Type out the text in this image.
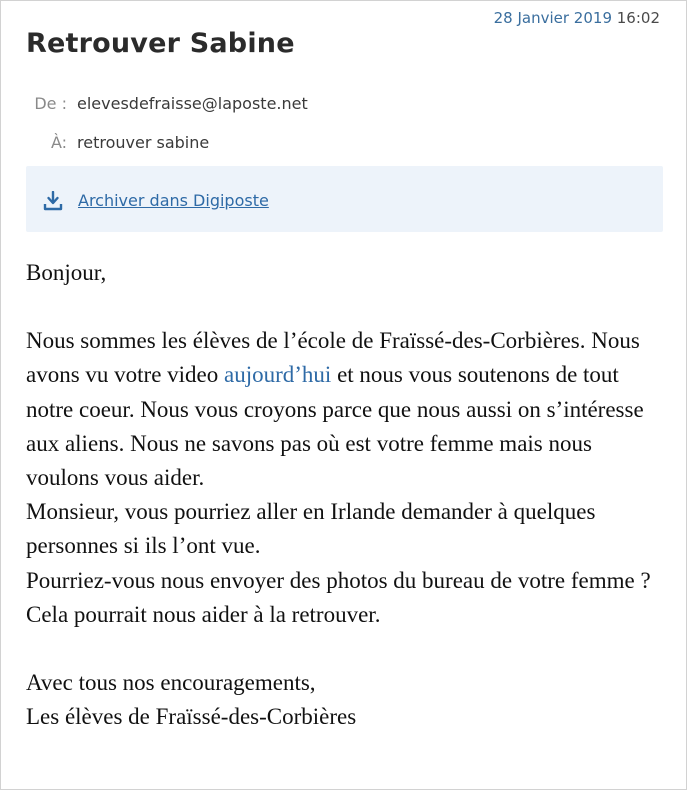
28 Janvier 2019 16:02
Retrouver Sabine
De : elevesdefraisse@laposte.net
À: retrouver sabine
Archiver dans Digiposte

Bonjour,

Nous sommes les élèves de l’école de Fraïssé-des-Corbières. Nous avons vu votre video aujourd’hui et nous vous soutenons de tout notre coeur. Nous vous croyons parce que nous aussi on s’intéresse aux aliens. Nous ne savons pas où est votre femme mais nous voulons vous aider.

Monsieur, vous pourriez aller en Irlande demander à quelques personnes si ils l’ont vue.

Pourriez-vous nous envoyer des photos du bureau de votre femme ? Cela pourrait nous aider à la retrouver.

Avec tous nos encouragements,

Les élèves de Fraïssé-des-Corbières
